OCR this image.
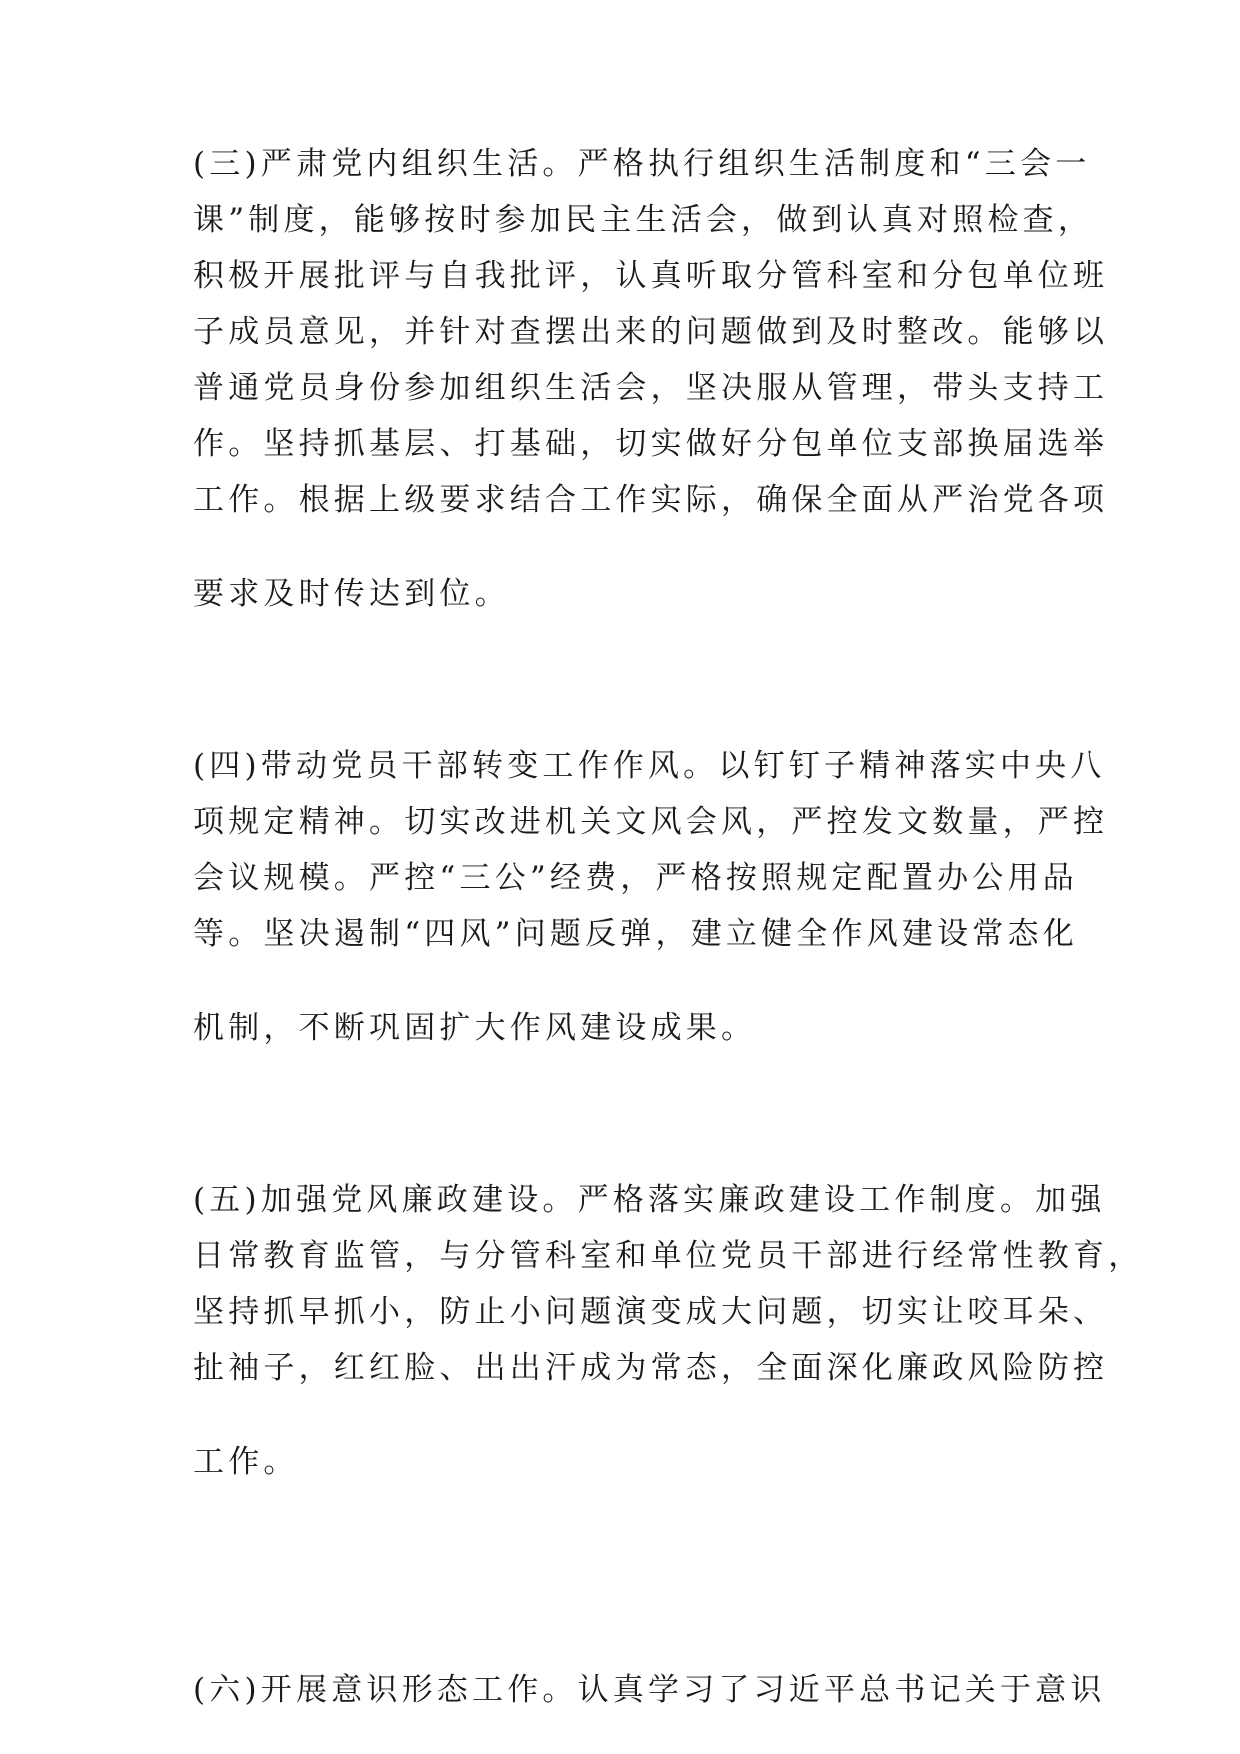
(三)严肃党内组织生活。严格执行组织生活制度和“三会一

课”制度，能够按时参加民主生活会，做到认真对照检查，

积极开展批评与自我批评，认真听取分管科室和分包单位班

子成员意见，并针对查摆出来的问题做到及时整改。能够以

普通党员身份参加组织生活会，坚决服从管理，带头支持工

作。坚持抓基层、打基础，切实做好分包单位支部换届选举

工作。根据上级要求结合工作实际，确保全面从严治党各项

要求及时传达到位。

(四)带动党员干部转变工作作风。以钉钉子精神落实中央八

项规定精神。切实改进机关文风会风，严控发文数量，严控

会议规模。严控“三公”经费，严格按照规定配置办公用品

等。坚决遏制“四风”问题反弹，建立健全作风建设常态化

机制，不断巩固扩大作风建设成果。

(五)加强党风廉政建设。严格落实廉政建设工作制度。加强

日常教育监管，与分管科室和单位党员干部进行经常性教育，

坚持抓早抓小，防止小问题演变成大问题，切实让咬耳朵、

扯袖子，红红脸、出出汗成为常态，全面深化廉政风险防控

工作。

(六)开展意识形态工作。认真学习了习近平总书记关于意识
